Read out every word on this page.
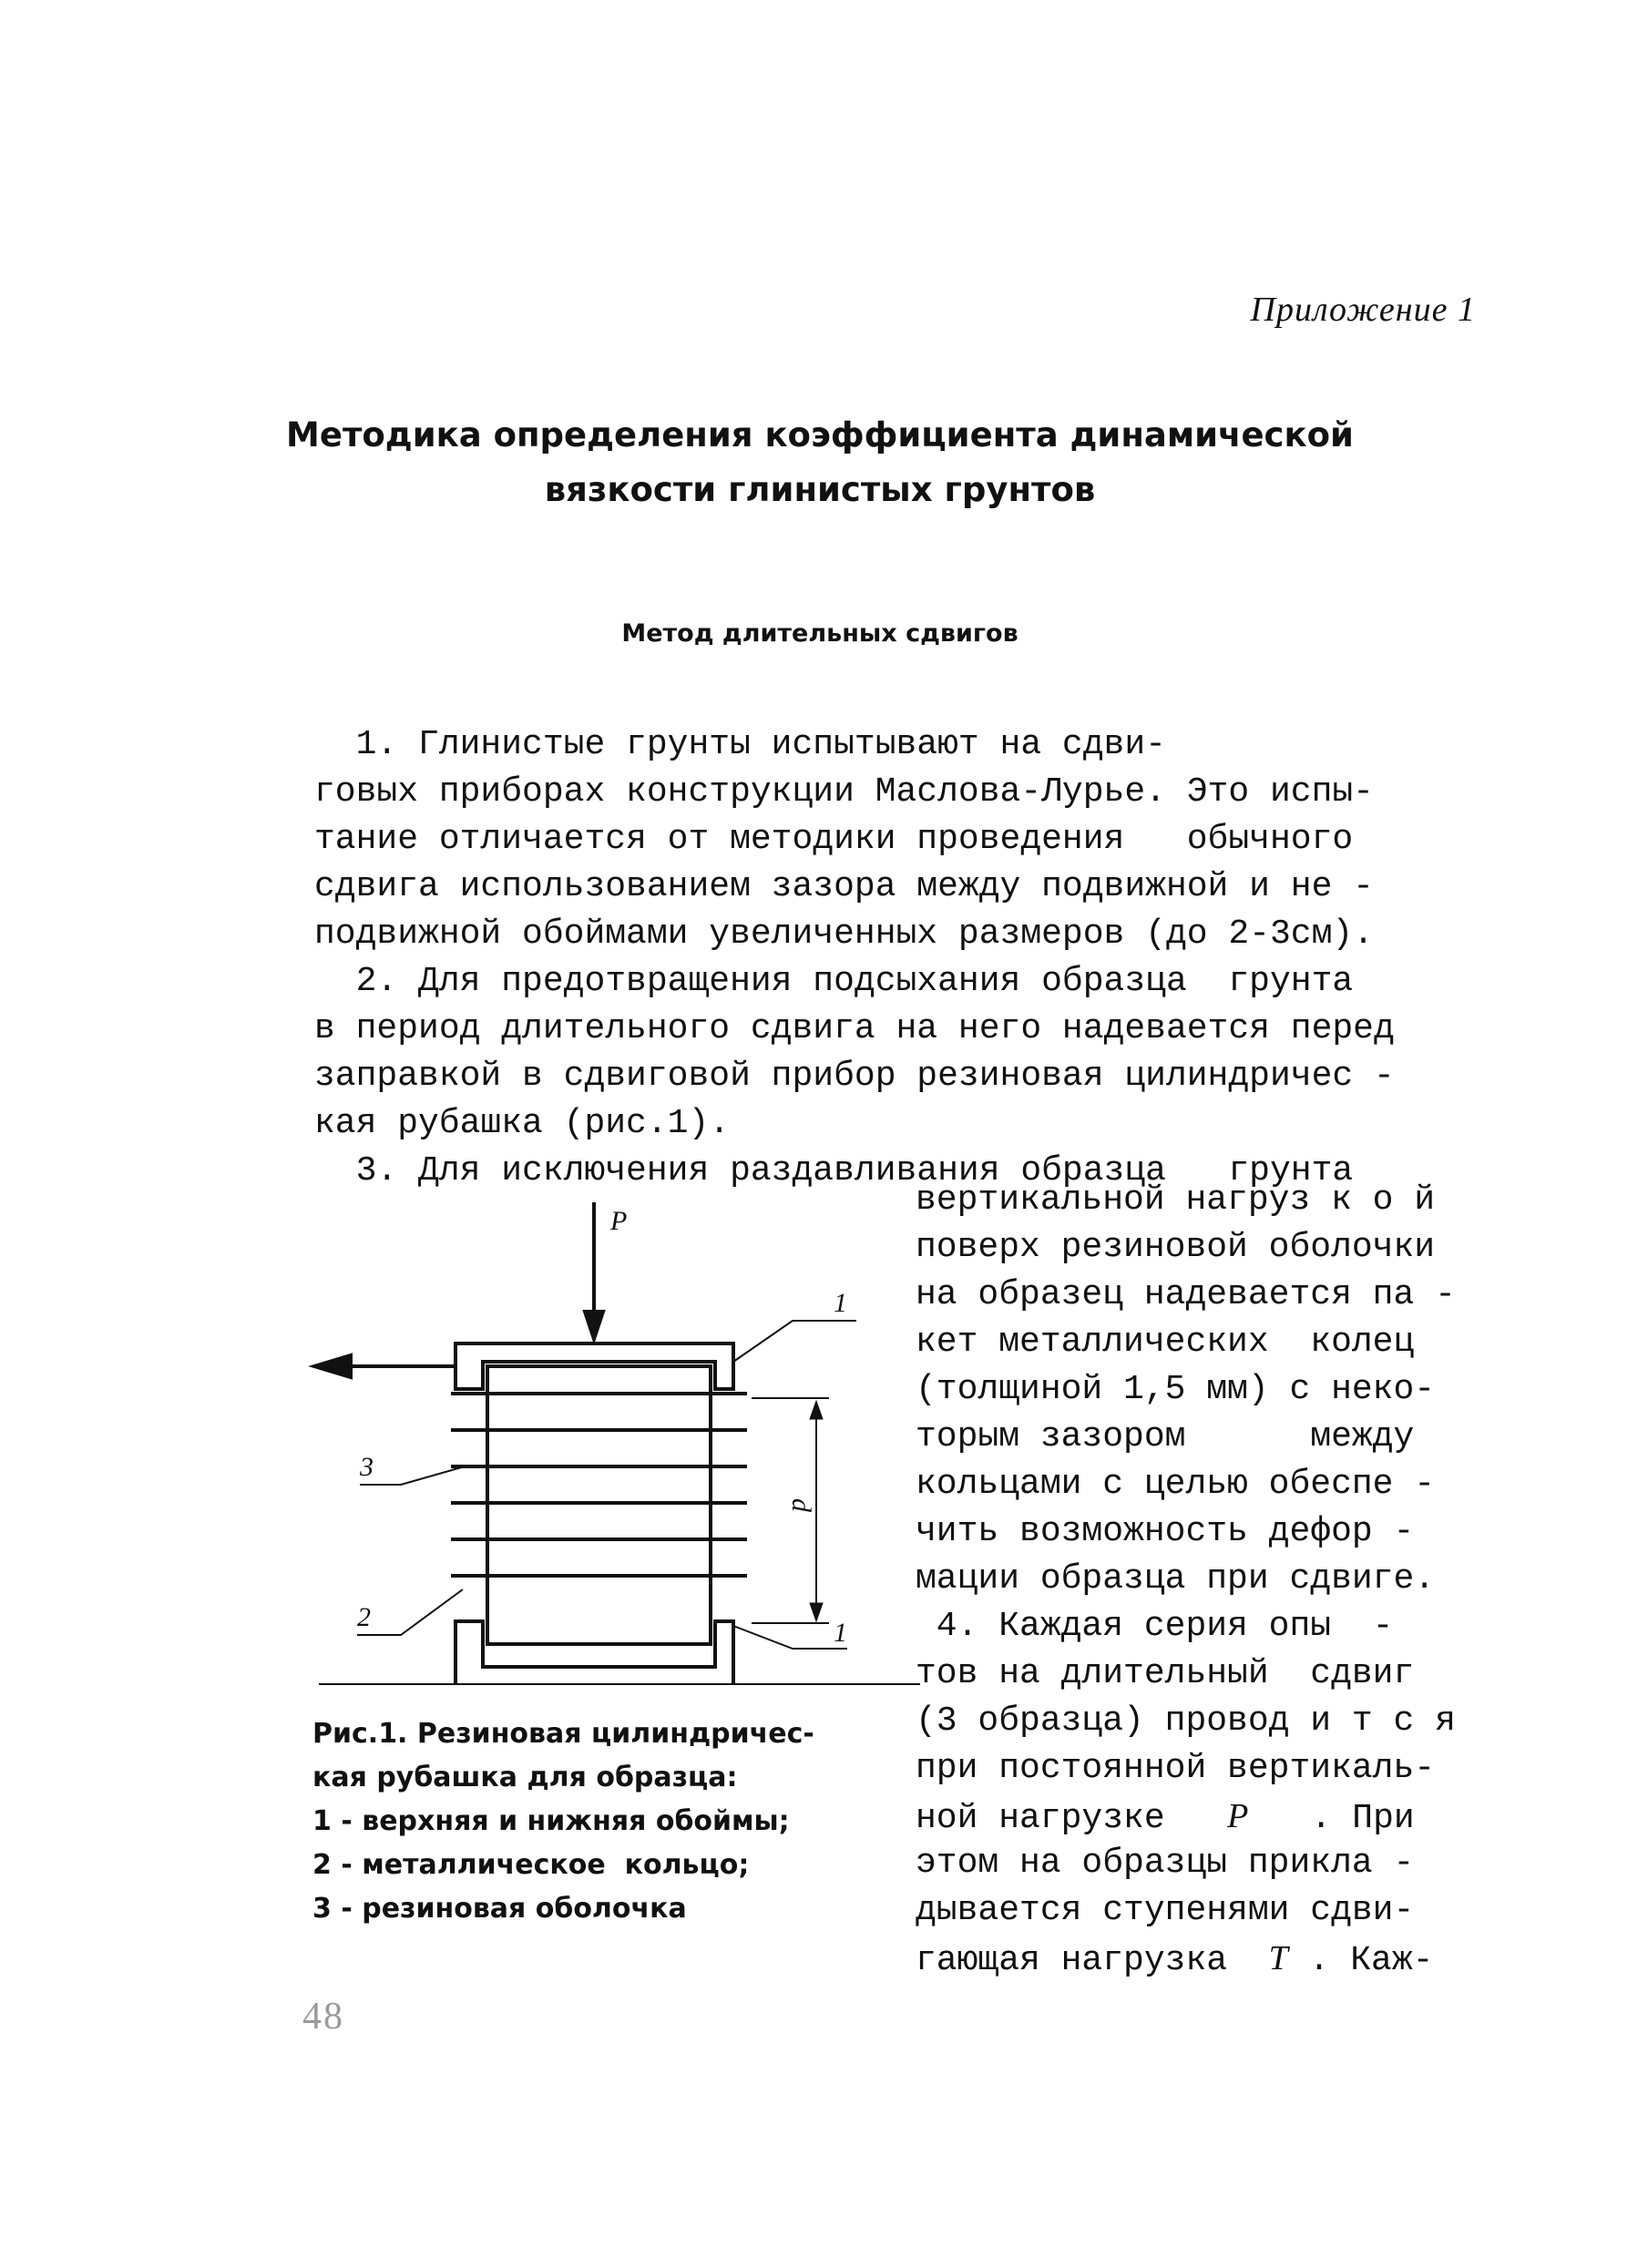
Приложение 1
Методика определения коэффициента динамической
вязкости глинистых грунтов
Метод длительных сдвигов
1. Глинистые грунты испытывают на сдви-
говых приборах конструкции Маслова-Лурье. Это испы-
тание отличается от методики проведения   обычного
сдвига использованием зазора между подвижной и не -
подвижной обоймами увеличенных размеров (до 2-3см).
2. Для предотвращения подсыхания образца  грунта
в период длительного сдвига на него надевается перед
заправкой в сдвиговой прибор резиновая цилиндричес -
кая рубашка (рис.1).
3. Для исключения раздавливания образца   грунта
вертикальной нагруз к о й
поверх резиновой оболочки
на образец надевается па -
кет металлических  колец
(толщиной 1,5 мм) с неко-
торым зазором      между
кольцами с целью обеспе -
чить возможность дефор -
мации образца при сдвиге.
4. Каждая серия опы  -
тов на длительный  сдвиг
(3 образца) провод и т с я
при постоянной вертикаль-
ной нагрузке   P   . При
этом на образцы прикла -
дывается ступенями сдви-
гающая нагрузка  T . Каж-
P
1
3
2
1
d
Рис.1. Резиновая цилиндричес-
кая рубашка для образца:
1 - верхняя и нижняя обоймы;
2 - металлическое  кольцо;
3 - резиновая оболочка
48
